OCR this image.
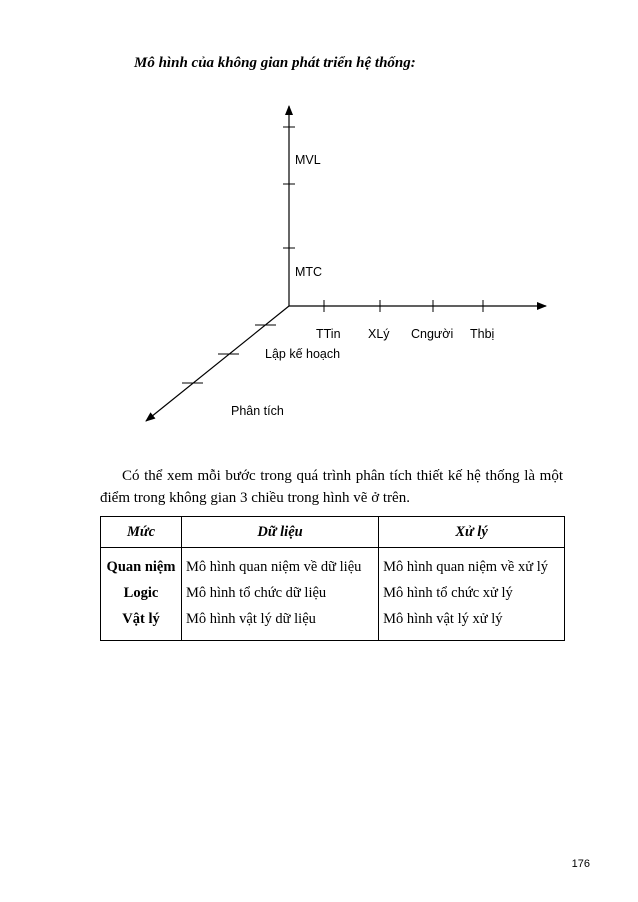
Mô hình của không gian phát triển hệ thống:
MVL
MTC
TTin XLý Cngười Thbị
Lập kế hoạch
Phân tích
Có thể xem mỗi bước trong quá trình phân tích thiết kế hệ thống là một
điểm trong không gian 3 chiều trong hình vẽ ở trên.
Mức	Dữ liệu	Xử lý
Quan niệm	Mô hình quan niệm về dữ liệu	Mô hình quan niệm về xử lý
Logic	Mô hình tổ chức dữ liệu	Mô hình tổ chức xử lý
Vật lý	Mô hình vật lý dữ liệu	Mô hình vật lý xử lý
176
